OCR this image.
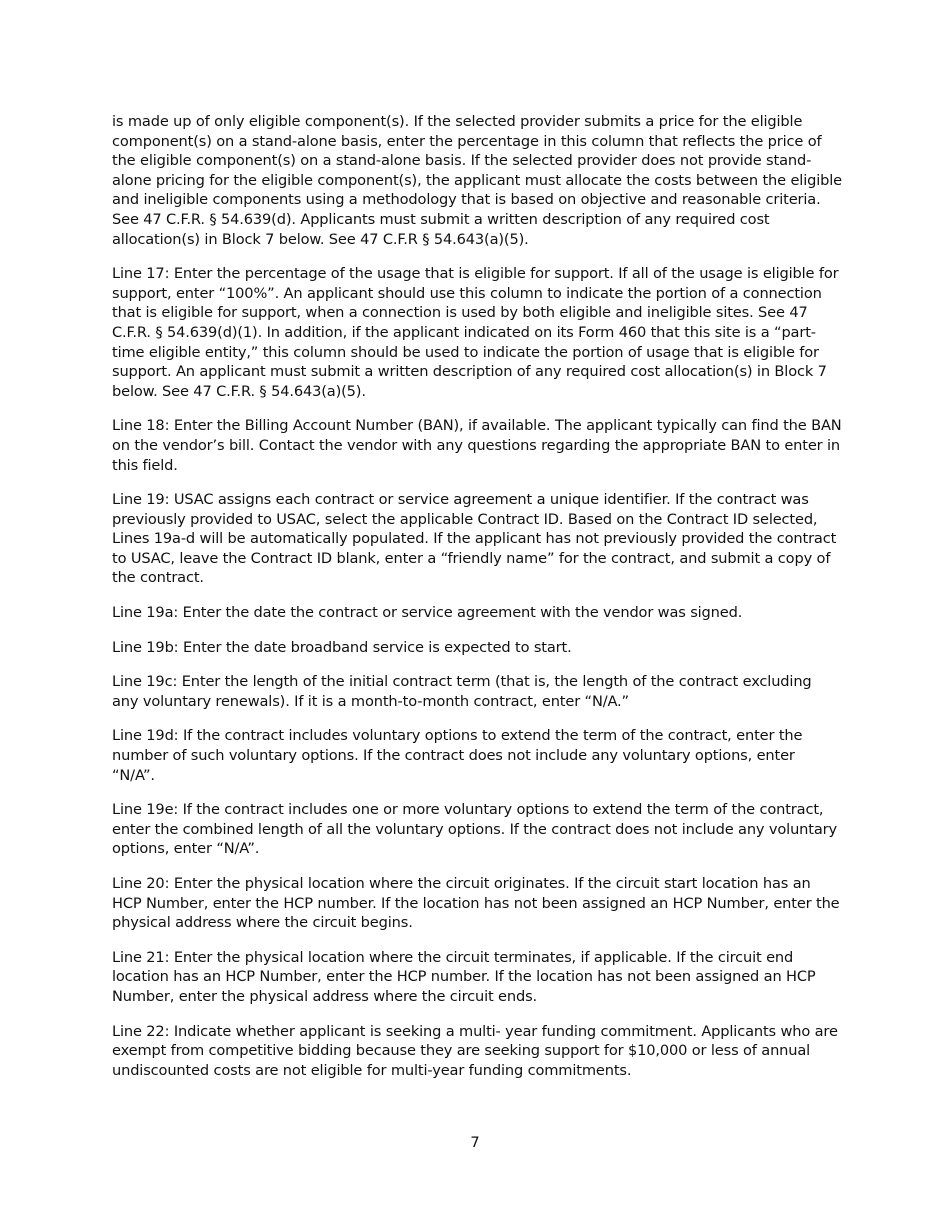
is made up of only eligible component(s). If the selected provider submits a price for the eligible component(s) on a stand-alone basis, enter the percentage in this column that reflects the price of the eligible component(s) on a stand-alone basis. If the selected provider does not provide stand-alone pricing for the eligible component(s), the applicant must allocate the costs between the eligible and ineligible components using a methodology that is based on objective and reasonable criteria. See 47 C.F.R. § 54.639(d). Applicants must submit a written description of any required cost allocation(s) in Block 7 below. See 47 C.F.R § 54.643(a)(5).

Line 17: Enter the percentage of the usage that is eligible for support. If all of the usage is eligible for support, enter “100%”. An applicant should use this column to indicate the portion of a connection that is eligible for support, when a connection is used by both eligible and ineligible sites. See 47 C.F.R. § 54.639(d)(1). In addition, if the applicant indicated on its Form 460 that this site is a “part-time eligible entity,” this column should be used to indicate the portion of usage that is eligible for support. An applicant must submit a written description of any required cost allocation(s) in Block 7 below. See 47 C.F.R. § 54.643(a)(5).

Line 18: Enter the Billing Account Number (BAN), if available. The applicant typically can find the BAN on the vendor’s bill. Contact the vendor with any questions regarding the appropriate BAN to enter in this field.

Line 19: USAC assigns each contract or service agreement a unique identifier. If the contract was previously provided to USAC, select the applicable Contract ID. Based on the Contract ID selected, Lines 19a-d will be automatically populated. If the applicant has not previously provided the contract to USAC, leave the Contract ID blank, enter a “friendly name” for the contract, and submit a copy of the contract.

Line 19a: Enter the date the contract or service agreement with the vendor was signed.

Line 19b: Enter the date broadband service is expected to start.

Line 19c: Enter the length of the initial contract term (that is, the length of the contract excluding any voluntary renewals). If it is a month-to-month contract, enter “N/A.”

Line 19d: If the contract includes voluntary options to extend the term of the contract, enter the number of such voluntary options. If the contract does not include any voluntary options, enter “N/A”.

Line 19e: If the contract includes one or more voluntary options to extend the term of the contract, enter the combined length of all the voluntary options. If the contract does not include any voluntary options, enter “N/A”.

Line 20: Enter the physical location where the circuit originates. If the circuit start location has an HCP Number, enter the HCP number. If the location has not been assigned an HCP Number, enter the physical address where the circuit begins.

Line 21: Enter the physical location where the circuit terminates, if applicable. If the circuit end location has an HCP Number, enter the HCP number. If the location has not been assigned an HCP Number, enter the physical address where the circuit ends.

Line 22: Indicate whether applicant is seeking a multi- year funding commitment. Applicants who are exempt from competitive bidding because they are seeking support for $10,000 or less of annual undiscounted costs are not eligible for multi-year funding commitments.

7
